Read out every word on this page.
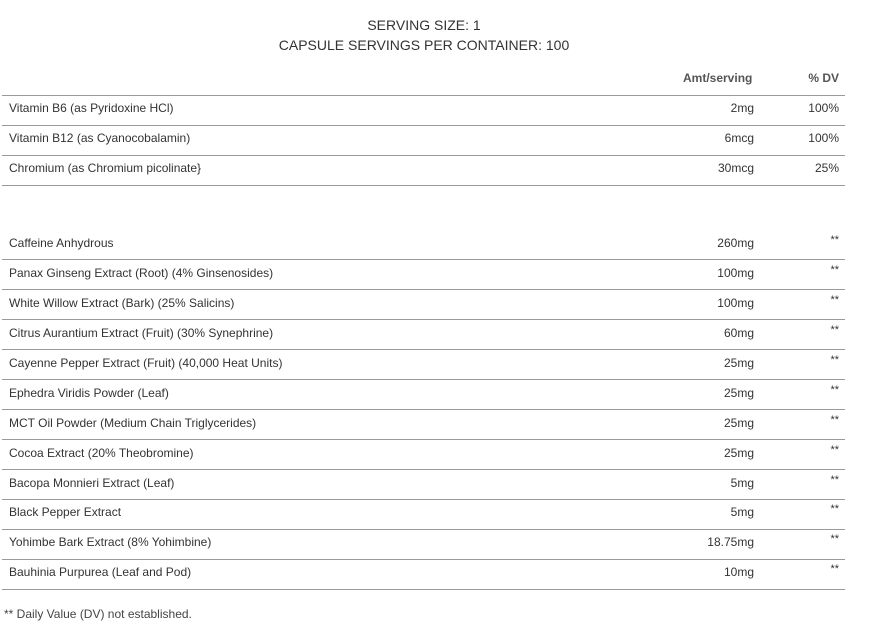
SERVING SIZE: 1
CAPSULE SERVINGS PER CONTAINER: 100
Amt/serving	% DV
Vitamin B6 (as Pyridoxine HCl)	2mg	100%
Vitamin B12 (as Cyanocobalamin)	6mcg	100%
Chromium (as Chromium picolinate}	30mcg	25%
Caffeine Anhydrous	260mg	**
Panax Ginseng Extract (Root) (4% Ginsenosides)	100mg	**
White Willow Extract (Bark) (25% Salicins)	100mg	**
Citrus Aurantium Extract (Fruit) (30% Synephrine)	60mg	**
Cayenne Pepper Extract (Fruit) (40,000 Heat Units)	25mg	**
Ephedra Viridis Powder (Leaf)	25mg	**
MCT Oil Powder (Medium Chain Triglycerides)	25mg	**
Cocoa Extract (20% Theobromine)	25mg	**
Bacopa Monnieri Extract (Leaf)	5mg	**
Black Pepper Extract	5mg	**
Yohimbe Bark Extract (8% Yohimbine)	18.75mg	**
Bauhinia Purpurea (Leaf and Pod)	10mg	**
** Daily Value (DV) not established.
